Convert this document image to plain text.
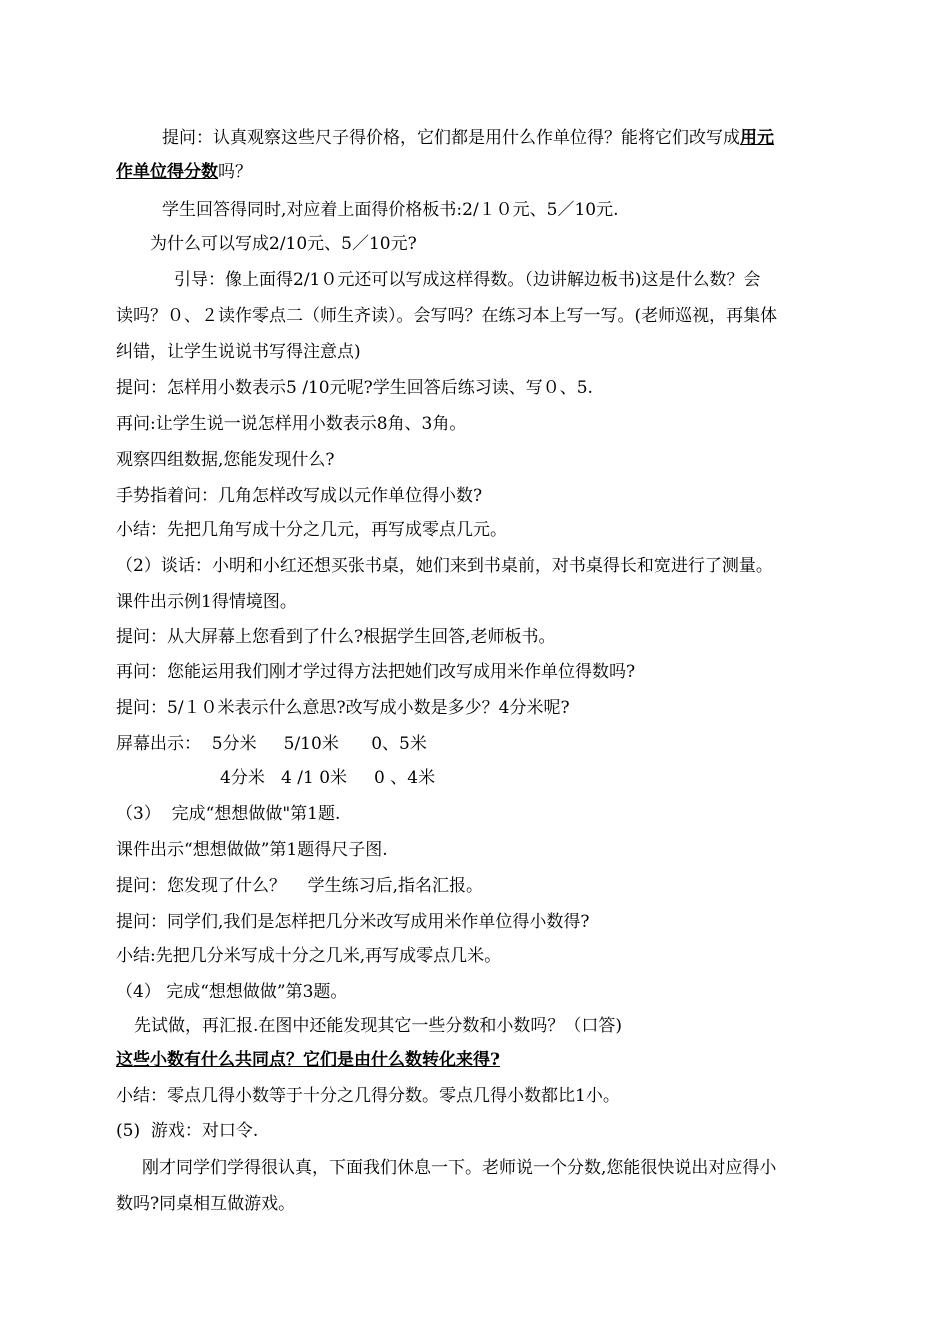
提问：认真观察这些尺子得价格，它们都是用什么作单位得？能将它们改写成用元
作单位得分数吗？
学生回答得同时,对应着上面得价格板书:2/１０元、5／10元.
为什么可以写成2/10元、5／10元?
引导：像上面得2/1０元还可以写成这样得数。（边讲解边板书)这是什么数？会
读吗？０、２读作零点二（师生齐读）。会写吗？在练习本上写一写。(老师巡视，再集体
纠错，让学生说说书写得注意点)
提问：怎样用小数表示5 /10元呢?学生回答后练习读、写０、5.
再问:让学生说一说怎样用小数表示8角、3角。
观察四组数据,您能发现什么?
手势指着问：几角怎样改写成以元作单位得小数?
小结：先把几角写成十分之几元，再写成零点几元。
（2）谈话：小明和小红还想买张书桌，她们来到书桌前，对书桌得长和宽进行了测量。
课件出示例1得情境图。
提问：从大屏幕上您看到了什么?根据学生回答,老师板书。
再问：您能运用我们刚才学过得方法把她们改写成用米作单位得数吗?
提问：5/１０米表示什么意思?改写成小数是多少？4分米呢?
屏幕出示：  5分米     5/10米      0、5米
4分米   4 /1 0米     0 、4米
（3）  完成“想想做做"第1题.
课件出示“想想做做”第1题得尺子图.
提问：您发现了什么？    学生练习后,指名汇报。
提问：同学们,我们是怎样把几分米改写成用米作单位得小数得?
小结:先把几分米写成十分之几米,再写成零点几米。
（4） 完成“想想做做”第3题。
先试做，再汇报.在图中还能发现其它一些分数和小数吗？（口答)
这些小数有什么共同点？它们是由什么数转化来得?
小结：零点几得小数等于十分之几得分数。零点几得小数都比1小。
(5)  游戏：对口令.
刚才同学们学得很认真，下面我们休息一下。老师说一个分数,您能很快说出对应得小
数吗?同桌相互做游戏。
